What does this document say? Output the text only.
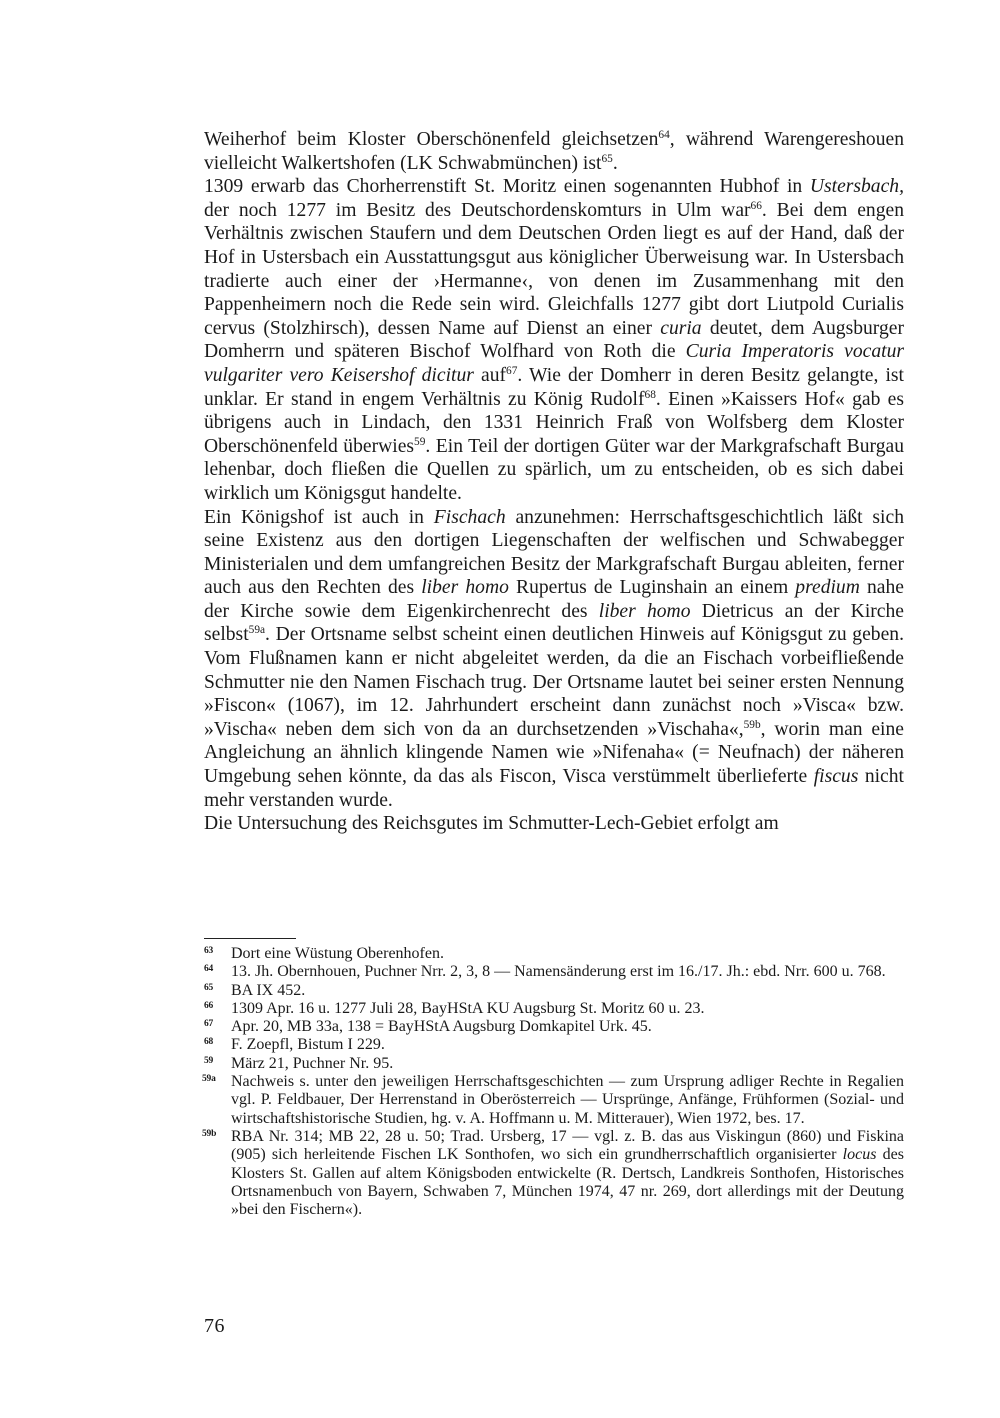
Weiherhof beim Kloster Oberschönenfeld gleichsetzen$^{64}$, während Warengereshouen vielleicht Walkertshofen (LK Schwabmünchen) ist$^{65}$.

1309 erwarb das Chorherrenstift St. Moritz einen sogenannten Hubhof in Ustersbach, der noch 1277 im Besitz des Deutschordenskomturs in Ulm war$^{66}$. Bei dem engen Verhältnis zwischen Staufern und dem Deutschen Orden liegt es auf der Hand, daß der Hof in Ustersbach ein Ausstattungsgut aus königlicher Überweisung war. In Ustersbach tradierte auch einer der ›Hermanne‹, von denen im Zusammenhang mit den Pappenheimern noch die Rede sein wird. Gleichfalls 1277 gibt dort Liutpold Curialis cervus (Stolzhirsch), dessen Name auf Dienst an einer curia deutet, dem Augsburger Domherrn und späteren Bischof Wolfhard von Roth die Curia Imperatoris vocatur vulgariter vero Keisershof dicitur auf$^{67}$. Wie der Domherr in deren Besitz gelangte, ist unklar. Er stand in engem Verhältnis zu König Rudolf$^{68}$. Einen »Kaissers Hof« gab es übrigens auch in Lindach, den 1331 Heinrich Fraß von Wolfsberg dem Kloster Oberschönenfeld überwies$^{59}$. Ein Teil der dortigen Güter war der Markgrafschaft Burgau lehenbar, doch fließen die Quellen zu spärlich, um zu entscheiden, ob es sich dabei wirklich um Königsgut handelte.

Ein Königshof ist auch in Fischach anzunehmen: Herrschaftsgeschichtlich läßt sich seine Existenz aus den dortigen Liegenschaften der welfischen und Schwabegger Ministerialen und dem umfangreichen Besitz der Markgrafschaft Burgau ableiten, ferner auch aus den Rechten des liber homo Rupertus de Luginshain an einem predium nahe der Kirche sowie dem Eigenkirchenrecht des liber homo Dietricus an der Kirche selbst$^{59a}$. Der Ortsname selbst scheint einen deutlichen Hinweis auf Königsgut zu geben. Vom Flußnamen kann er nicht abgeleitet werden, da die an Fischach vorbeifließende Schmutter nie den Namen Fischach trug. Der Ortsname lautet bei seiner ersten Nennung »Fiscon« (1067), im 12. Jahrhundert erscheint dann zunächst noch »Visca« bzw. »Vischa« neben dem sich von da an durchsetzenden »Vischaha«,$^{59b}$, worin man eine Angleichung an ähnlich klingende Namen wie »Nifenaha« (= Neufnach) der näheren Umgebung sehen könnte, da das als Fiscon, Visca verstümmelt überlieferte fiscus nicht mehr verstanden wurde.

Die Untersuchung des Reichsgutes im Schmutter-Lech-Gebiet erfolgt am

63 Dort eine Wüstung Oberenhofen.
64 13. Jh. Obernhouen, Puchner Nrr. 2, 3, 8 — Namensänderung erst im 16./17. Jh.: ebd. Nrr. 600 u. 768.
65 BA IX 452.
66 1309 Apr. 16 u. 1277 Juli 28, BayHStA KU Augsburg St. Moritz 60 u. 23.
67 Apr. 20, MB 33a, 138 = BayHStA Augsburg Domkapitel Urk. 45.
68 F. Zoepfl, Bistum I 229.
59 März 21, Puchner Nr. 95.
59a Nachweis s. unter den jeweiligen Herrschaftsgeschichten — zum Ursprung adliger Rechte in Regalien vgl. P. Feldbauer, Der Herrenstand in Oberösterreich — Ursprünge, Anfänge, Frühformen (Sozial- und wirtschaftshistorische Studien, hg. v. A. Hoffmann u. M. Mitterauer), Wien 1972, bes. 17.
59b RBA Nr. 314; MB 22, 28 u. 50; Trad. Ursberg, 17 — vgl. z. B. das aus Viskingun (860) und Fiskina (905) sich herleitende Fischen LK Sonthofen, wo sich ein grundherrschaftlich organisierter locus des Klosters St. Gallen auf altem Königsboden entwickelte (R. Dertsch, Landkreis Sonthofen, Historisches Ortsnamenbuch von Bayern, Schwaben 7, München 1974, 47 nr. 269, dort allerdings mit der Deutung »bei den Fischern«).
76
